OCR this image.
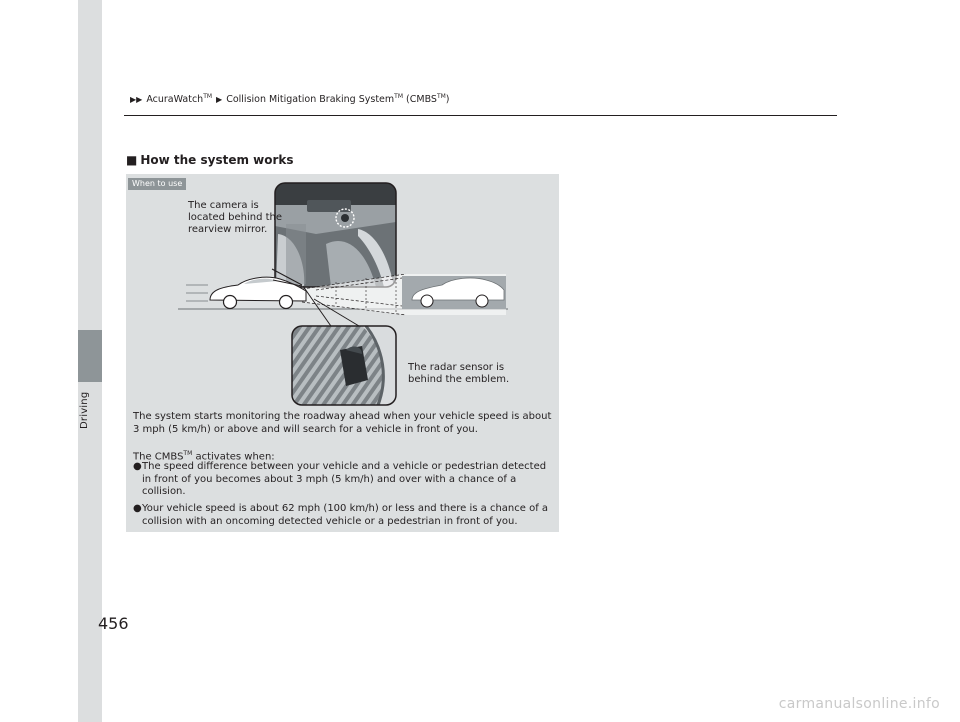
Driving
▶▶ AcuraWatch™ ▶ Collision Mitigation Braking System™ (CMBS™)
■ How the system works
When to use
The camera is
located behind the
rearview mirror.
The radar sensor is
behind the emblem.
The system starts monitoring the roadway ahead when your vehicle speed is about 3 mph (5 km/h) or above and will search for a vehicle in front of you.
The CMBS™ activates when:
● The speed difference between your vehicle and a vehicle or pedestrian detected in front of you becomes about 3 mph (5 km/h) and over with a chance of a collision.
● Your vehicle speed is about 62 mph (100 km/h) or less and there is a chance of a collision with an oncoming detected vehicle or a pedestrian in front of you.
456
carmanualsonline.info
